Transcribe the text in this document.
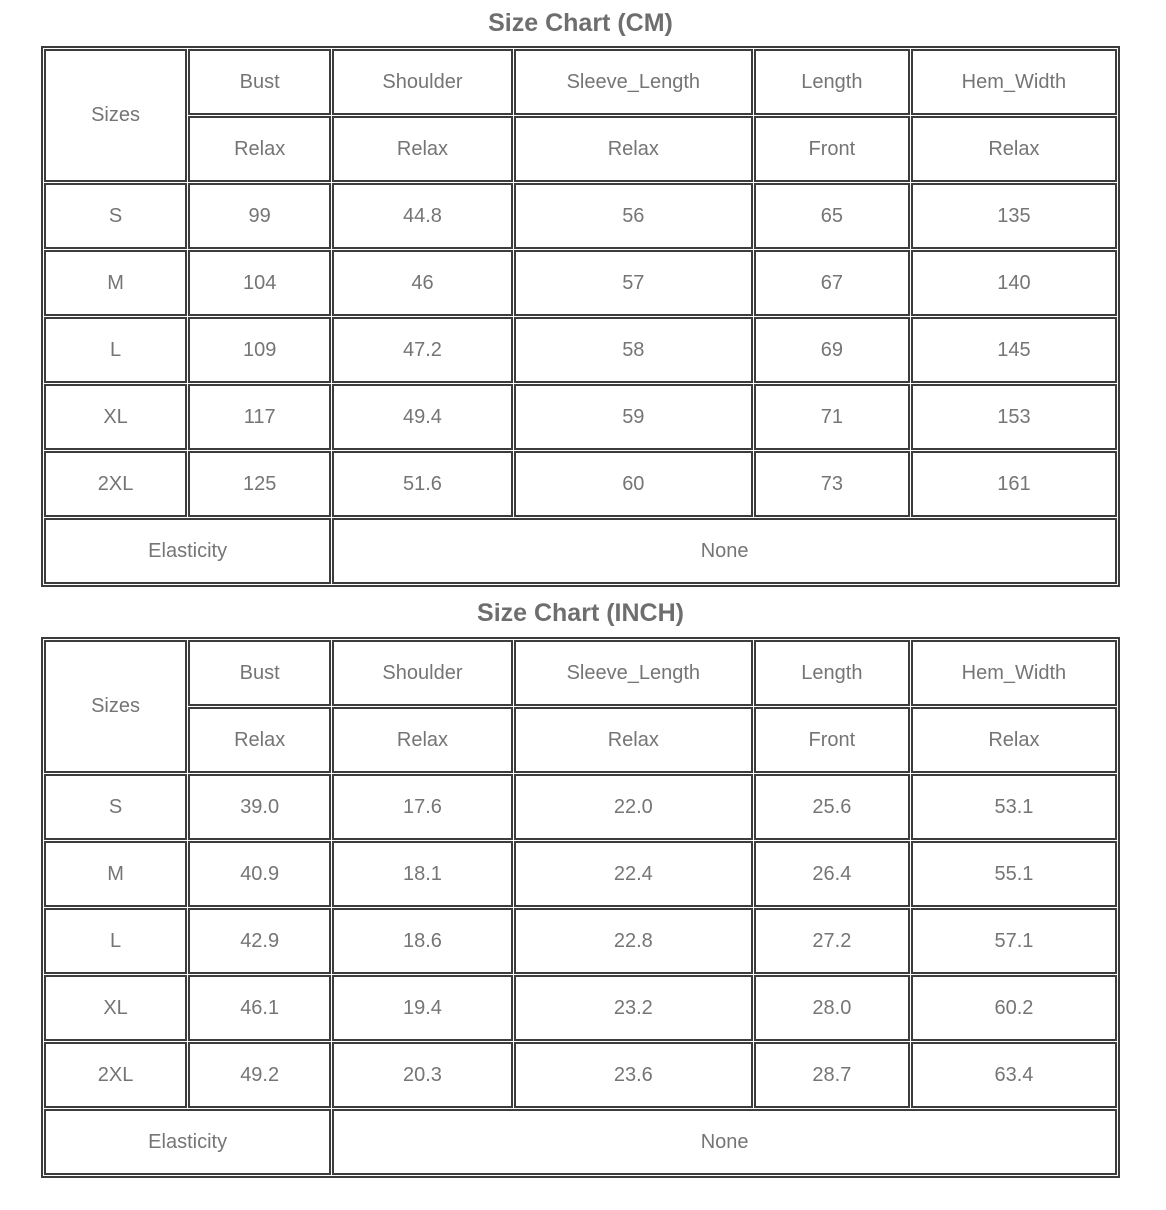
Size Chart (CM)
Sizes	Bust	Shoulder	Sleeve_Length	Length	Hem_Width
	Relax	Relax	Relax	Front	Relax
S	99	44.8	56	65	135
M	104	46	57	67	140
L	109	47.2	58	69	145
XL	117	49.4	59	71	153
2XL	125	51.6	60	73	161
Elasticity		None			
Size Chart (INCH)
Sizes	Bust	Shoulder	Sleeve_Length	Length	Hem_Width
	Relax	Relax	Relax	Front	Relax
S	39.0	17.6	22.0	25.6	53.1
M	40.9	18.1	22.4	26.4	55.1
L	42.9	18.6	22.8	27.2	57.1
XL	46.1	19.4	23.2	28.0	60.2
2XL	49.2	20.3	23.6	28.7	63.4
Elasticity		None			
